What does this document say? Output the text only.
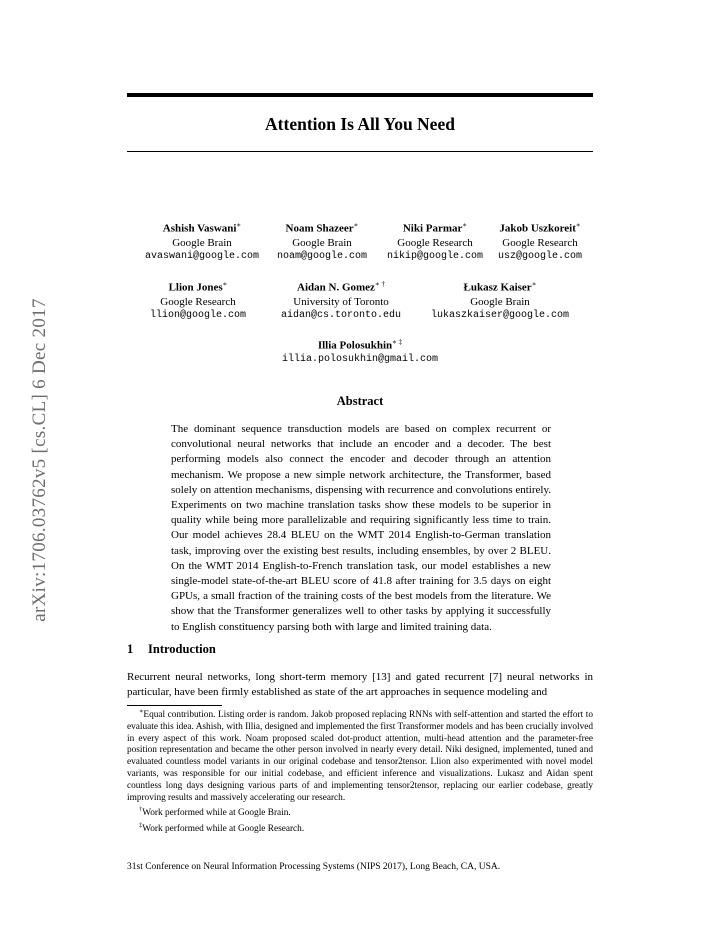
arXiv:1706.03762v5 [cs.CL] 6 Dec 2017
Attention Is All You Need
Ashish Vaswani∗
Google Brain
avaswani@google.com
Noam Shazeer∗
Google Brain
noam@google.com
Niki Parmar∗
Google Research
nikip@google.com
Jakob Uszkoreit∗
Google Research
usz@google.com
Llion Jones∗
Google Research
llion@google.com
Aidan N. Gomez∗ †
University of Toronto
aidan@cs.toronto.edu
Łukasz Kaiser∗
Google Brain
lukaszkaiser@google.com
Illia Polosukhin∗ ‡
illia.polosukhin@gmail.com
Abstract
The dominant sequence transduction models are based on complex recurrent or convolutional neural networks that include an encoder and a decoder. The best performing models also connect the encoder and decoder through an attention mechanism. We propose a new simple network architecture, the Transformer, based solely on attention mechanisms, dispensing with recurrence and convolutions entirely. Experiments on two machine translation tasks show these models to be superior in quality while being more parallelizable and requiring significantly less time to train. Our model achieves 28.4 BLEU on the WMT 2014 English-to-German translation task, improving over the existing best results, including ensembles, by over 2 BLEU. On the WMT 2014 English-to-French translation task, our model establishes a new single-model state-of-the-art BLEU score of 41.8 after training for 3.5 days on eight GPUs, a small fraction of the training costs of the best models from the literature. We show that the Transformer generalizes well to other tasks by applying it successfully to English constituency parsing both with large and limited training data.
1 Introduction
Recurrent neural networks, long short-term memory [13] and gated recurrent [7] neural networks in particular, have been firmly established as state of the art approaches in sequence modeling and

∗Equal contribution. Listing order is random. Jakob proposed replacing RNNs with self-attention and started the effort to evaluate this idea. Ashish, with Illia, designed and implemented the first Transformer models and has been crucially involved in every aspect of this work. Noam proposed scaled dot-product attention, multi-head attention and the parameter-free position representation and became the other person involved in nearly every detail. Niki designed, implemented, tuned and evaluated countless model variants in our original codebase and tensor2tensor. Llion also experimented with novel model variants, was responsible for our initial codebase, and efficient inference and visualizations. Lukasz and Aidan spent countless long days designing various parts of and implementing tensor2tensor, replacing our earlier codebase, greatly improving results and massively accelerating our research.

†Work performed while at Google Brain.

‡Work performed while at Google Research.

31st Conference on Neural Information Processing Systems (NIPS 2017), Long Beach, CA, USA.
